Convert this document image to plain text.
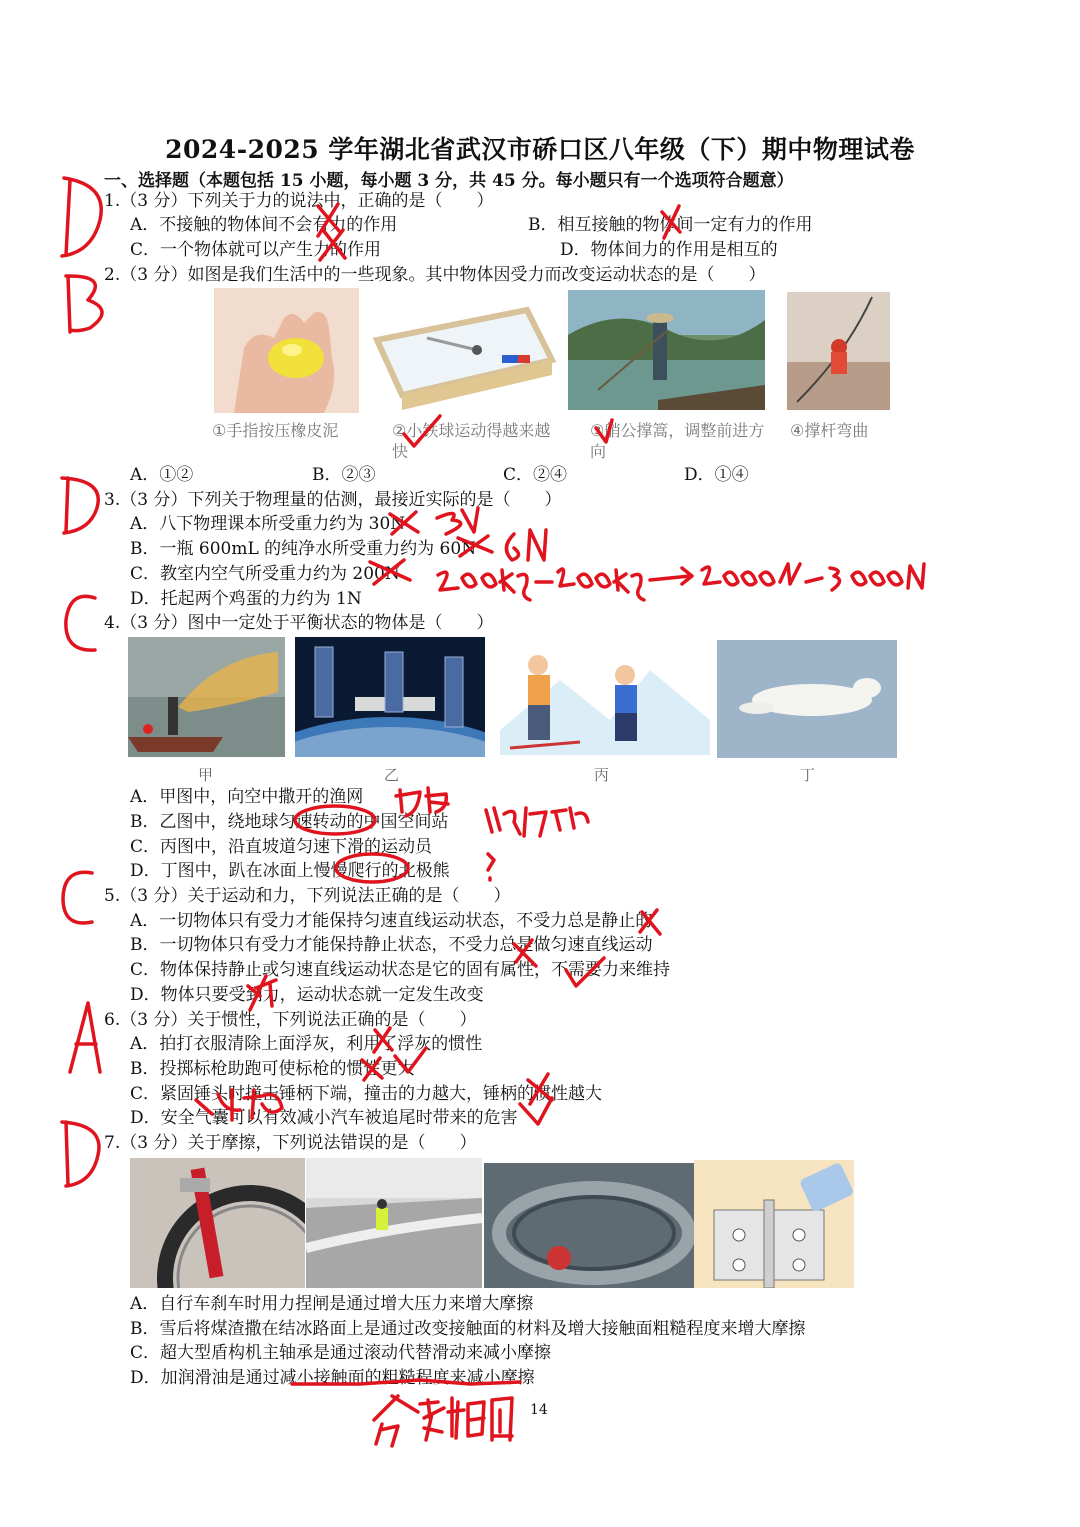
2024-2025 学年湖北省武汉市硚口区八年级（下）期中物理试卷
一、选择题（本题包括 15 小题，每小题 3 分，共 45 分。每小题只有一个选项符合题意）
1.（3 分）下列关于力的说法中，正确的是（　　）
A．不接触的物体间不会有力的作用	B．相互接触的物体间一定有力的作用
C．一个物体就可以产生力的作用	D．物体间力的作用是相互的
2.（3 分）如图是我们生活中的一些现象。其中物体因受力而改变运动状态的是（　　）
①手指按压橡皮泥	②小铁球运动得越来越快
③艄公撑篙，调整前进方向
④撑杆弯曲
A．①②	B．②③	C．②④	D．①④
3.（3 分）下列关于物理量的估测，最接近实际的是（　　）
A．八下物理课本所受重力约为 30N
B．一瓶 600mL 的纯净水所受重力约为 60N
C．教室内空气所受重力约为 200N
D．托起两个鸡蛋的力约为 1N
4.（3 分）图中一定处于平衡状态的物体是（　　）
甲	乙	丙	丁
A．甲图中，向空中撒开的渔网
B．乙图中，绕地球匀速转动的中国空间站
C．丙图中，沿直坡道匀速下滑的运动员
D．丁图中，趴在冰面上慢慢爬行的北极熊
5.（3 分）关于运动和力，下列说法正确的是（　　）
A．一切物体只有受力才能保持匀速直线运动状态，不受力总是静止的
B．一切物体只有受力才能保持静止状态，不受力总是做匀速直线运动
C．物体保持静止或匀速直线运动状态是它的固有属性，不需要力来维持
D．物体只要受到力，运动状态就一定发生改变
6.（3 分）关于惯性，下列说法正确的是（　　）
A．拍打衣服清除上面浮灰，利用了浮灰的惯性
B．投掷标枪助跑可使标枪的惯性更大
C．紧固锤头时撞击锤柄下端，撞击的力越大，锤柄的惯性越大
D．安全气囊可以有效减小汽车被追尾时带来的危害
7.（3 分）关于摩擦，下列说法错误的是（　　）
A．自行车刹车时用力捏闸是通过增大压力来增大摩擦
B．雪后将煤渣撒在结冰路面上是通过改变接触面的材料及增大接触面粗糙程度来增大摩擦
C．超大型盾构机主轴承是通过滚动代替滑动来减小摩擦
D．加润滑油是通过减小接触面的粗糙程度来减小摩擦
14
